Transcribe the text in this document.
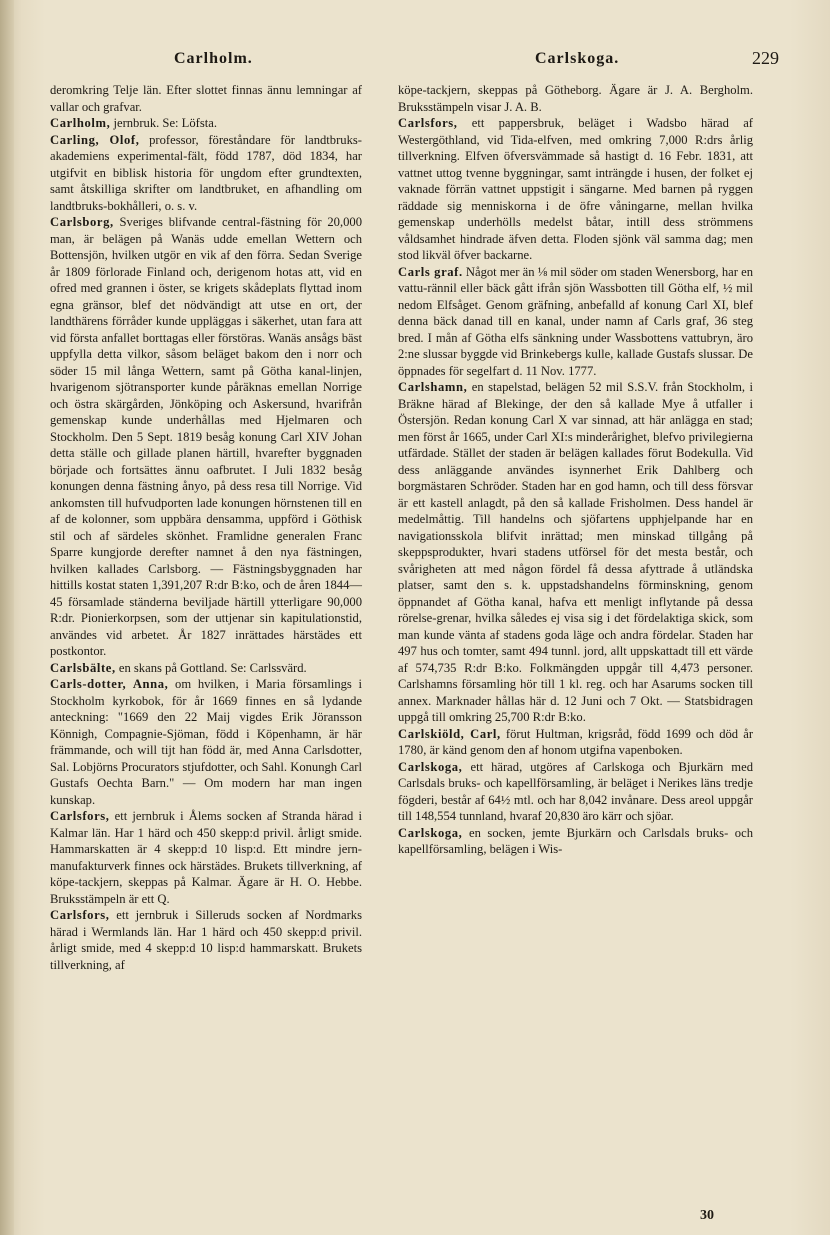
Carlholm.	Carlskoga.	229

deromkring Telje län. Efter slottet finnas ännu lemningar af vallar och grafvar.

Carlholm, jernbruk. Se: Löfsta.

Carling, Olof, professor, föreståndare för landtbruks-akademiens experimental-fält, född 1787, död 1834, har utgifvit en biblisk historia för ungdom efter grundtexten, samt åtskilliga skrifter om landtbruket, en afhandling om landtbruks-bokhålleri, o. s. v.

Carlsborg, Sveriges blifvande central-fästning för 20,000 man, är belägen på Wanäs udde emellan Wettern och Bottensjön, hvilken utgör en vik af den förra. Sedan Sverige år 1809 förlorade Finland och, derigenom hotas att, vid en ofred med grannen i öster, se krigets skådeplats flyttad inom egna gränsor, blef det nödvändigt att utse en ort, der landthärens förråder kunde uppläggas i säkerhet, utan fara att vid första anfallet borttagas eller förstöras. Wanäs ansågs bäst uppfylla detta vilkor, såsom beläget bakom den i norr och söder 15 mil långa Wettern, samt på Götha kanal-linjen, hvarigenom sjötransporter kunde påräknas emellan Norrige och östra skärgården, Jönköping och Askersund, hvarifrån gemenskap kunde underhållas med Hjelmaren och Stockholm. Den 5 Sept. 1819 besåg konung Carl XIV Johan detta ställe och gillade planen härtill, hvarefter byggnaden började och fortsättes ännu oafbrutet. I Juli 1832 besåg konungen denna fästning ånyo, på dess resa till Norrige. Vid ankomsten till hufvudporten lade konungen hörnstenen till en af de kolonner, som uppbära densamma, uppförd i Göthisk stil och af särdeles skönhet. Framlidne generalen Franc Sparre kungjorde derefter namnet å den nya fästningen, hvilken kallades Carlsborg. — Fästningsbyggnaden har hittills kostat staten 1,391,207 R:dr B:ko, och de åren 1844—45 församlade ständerna beviljade härtill ytterligare 90,000 R:dr. Pionierkorpsen, som der uttjenar sin kapitulationstid, användes vid arbetet. År 1827 inrättades härstädes ett postkontor.

Carlsbälte, en skans på Gottland. Se: Carlssvärd.

Carls-dotter, Anna, om hvilken, i Maria församlings i Stockholm kyrkobok, för år 1669 finnes en så lydande anteckning: "1669 den 22 Maij vigdes Erik Jöransson Könnigh, Compagnie-Sjöman, född i Köpenhamn, är här främmande, och will tijt han född är, med Anna Carlsdotter, Sal. Lobjörns Procurators stjufdotter, och Sahl. Konungh Carl Gustafs Oechta Barn." — Om modern har man ingen kunskap.

Carlsfors, ett jernbruk i Ålems socken af Stranda härad i Kalmar län. Har 1 härd och 450 skepp:d privil. årligt smide. Hammarskatten är 4 skepp:d 10 lisp:d. Ett mindre jern-manufakturverk finnes ock härstädes. Brukets tillverkning, af köpe-tackjern, skeppas på Kalmar. Ägare är H. O. Hebbe. Bruksstämpeln är ett Q.

Carlsfors, ett jernbruk i Silleruds socken af Nordmarks härad i Wermlands län. Har 1 härd och 450 skepp:d privil. årligt smide, med 4 skepp:d 10 lisp:d hammarskatt. Brukets tillverkning, af

köpe-tackjern, skeppas på Götheborg. Ägare är J. A. Bergholm. Bruksstämpeln visar J. A. B.

Carlsfors, ett pappersbruk, beläget i Wadsbo härad af Westergöthland, vid Tida-elfven, med omkring 7,000 R:drs årlig tillverkning. Elfven öfversvämmade så hastigt d. 16 Febr. 1831, att vattnet uttog tvenne byggningar, samt inträngde i husen, der folket ej vaknade förrän vattnet uppstigit i sängarne. Med barnen på ryggen räddade sig menniskorna i de öfre våningarne, mellan hvilka gemenskap underhölls medelst båtar, intill dess strömmens våldsamhet hindrade äfven detta. Floden sjönk väl samma dag; men stod likväl öfver backarne.

Carls graf. Något mer än ⅛ mil söder om staden Wenersborg, har en vattu-rännil eller bäck gått ifrån sjön Wassbotten till Götha elf, ½ mil nedom Elfsåget. Genom gräfning, anbefalld af konung Carl XI, blef denna bäck danad till en kanal, under namn af Carls graf, 36 steg bred. I mån af Götha elfs sänkning under Wassbottens vattubryn, äro 2:ne slussar byggde vid Brinkebergs kulle, kallade Gustafs slussar. De öppnades för segelfart d. 11 Nov. 1777.

Carlshamn, en stapelstad, belägen 52 mil S.S.V. från Stockholm, i Bräkne härad af Blekinge, der den så kallade Mye å utfaller i Östersjön. Redan konung Carl X var sinnad, att här anlägga en stad; men först år 1665, under Carl XI:s minderårighet, blefvo privilegierna utfärdade. Stället der staden är belägen kallades förut Bodekulla. Vid dess anläggande användes isynnerhet Erik Dahlberg och borgmästaren Schröder. Staden har en god hamn, och till dess försvar är ett kastell anlagdt, på den så kallade Frisholmen. Dess handel är medelmåttig. Till handelns och sjöfartens upphjelpande har en navigationsskola blifvit inrättad; men minskad tillgång på skeppsprodukter, hvari stadens utförsel för det mesta består, och svårigheten att med någon fördel få dessa afyttrade å utländska platser, samt den s. k. uppstadshandelns förminskning, genom öppnandet af Götha kanal, hafva ett menligt inflytande på dessa rörelse-grenar, hvilka således ej visa sig i det fördelaktiga skick, som man kunde vänta af stadens goda läge och andra fördelar. Staden har 497 hus och tomter, samt 494 tunnl. jord, allt uppskattadt till ett värde af 574,735 R:dr B:ko. Folkmängden uppgår till 4,473 personer. Carlshamns församling hör till 1 kl. reg. och har Asarums socken till annex. Marknader hållas här d. 12 Juni och 7 Okt. — Statsbidragen uppgå till omkring 25,700 R:dr B:ko.

Carlskiöld, Carl, förut Hultman, krigsråd, född 1699 och död år 1780, är känd genom den af honom utgifna vapenboken.

Carlskoga, ett härad, utgöres af Carlskoga och Bjurkärn med Carlsdals bruks- och kapellförsamling, är beläget i Nerikes läns tredje fögderi, består af 64½ mtl. och har 8,042 invånare. Dess areol uppgår till 148,554 tunnland, hvaraf 20,830 äro kärr och sjöar.

Carlskoga, en socken, jemte Bjurkärn och Carlsdals bruks- och kapellförsamling, belägen i Wis-

30
